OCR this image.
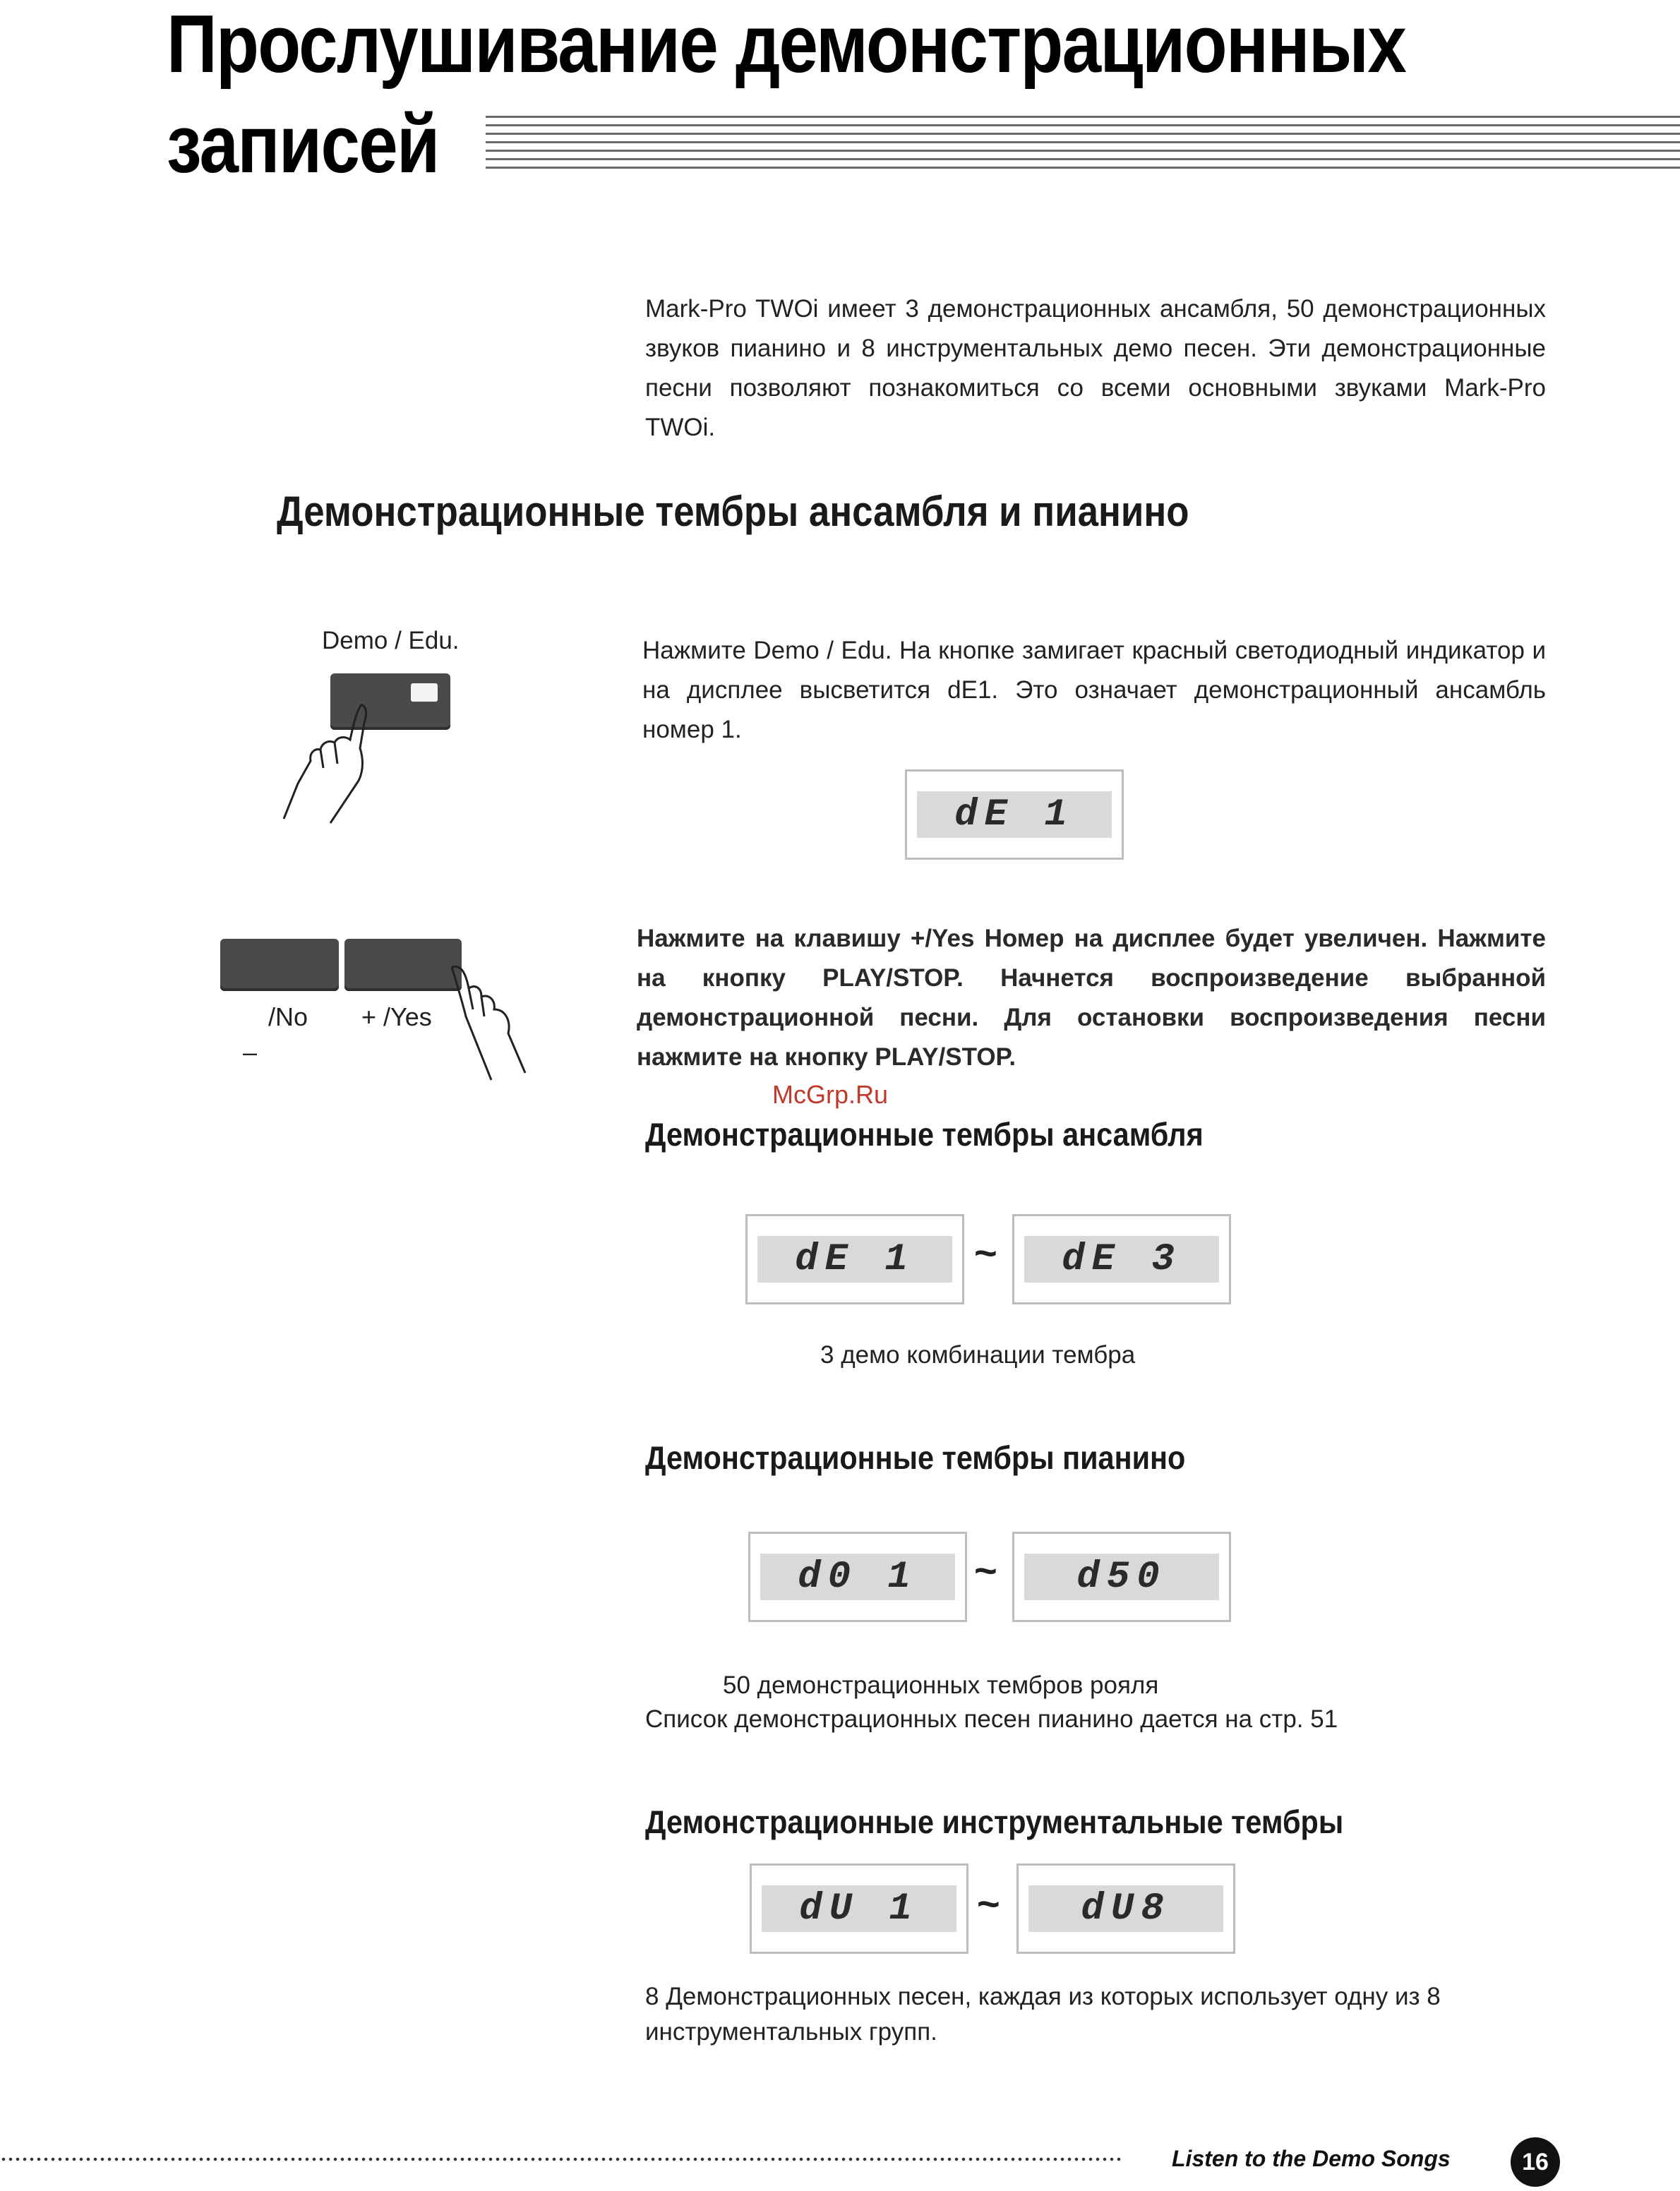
Прослушивание демонстрационных
записей
Mark-Pro TWOi имеет 3 демонстрационных ансамбля, 50 демонстрационных звуков пианино и 8 инструментальных демо песен. Эти демонстрационные песни позволяют познакомиться со всеми основными звуками Mark-Pro TWOi.
Демонстрационные тембры ансамбля и пианино
Demo / Edu.	Нажмите Demo / Edu. На кнопке замигает красный светодиодный индикатор и на дисплее высветится dE1. Это означает демонстрационный ансамбль номер 1.
dE 1
/No
–
+ /Yes
Нажмите на клавишу +/Yes Номер на дисплее будет увеличен. Нажмите на кнопку PLAY/STOP. Начнется воспроизведение выбранной демонстрационной песни. Для остановки воспроизведения песни нажмите на кнопку PLAY/STOP.
McGrp.Ru
Демонстрационные тембры ансамбля
dE 1	~	dE 3
3 демо комбинации тембра
Демонстрационные тембры пианино
d0 1	~	d50
50 демонстрационных тембров рояля
Список демонстрационных песен пианино дается на стр. 51
Демонстрационные инструментальные тембры
dU 1	~	dU8
8 Демонстрационных песен, каждая из которых использует одну из 8 инструментальных групп.
Listen to the Demo Songs	16
